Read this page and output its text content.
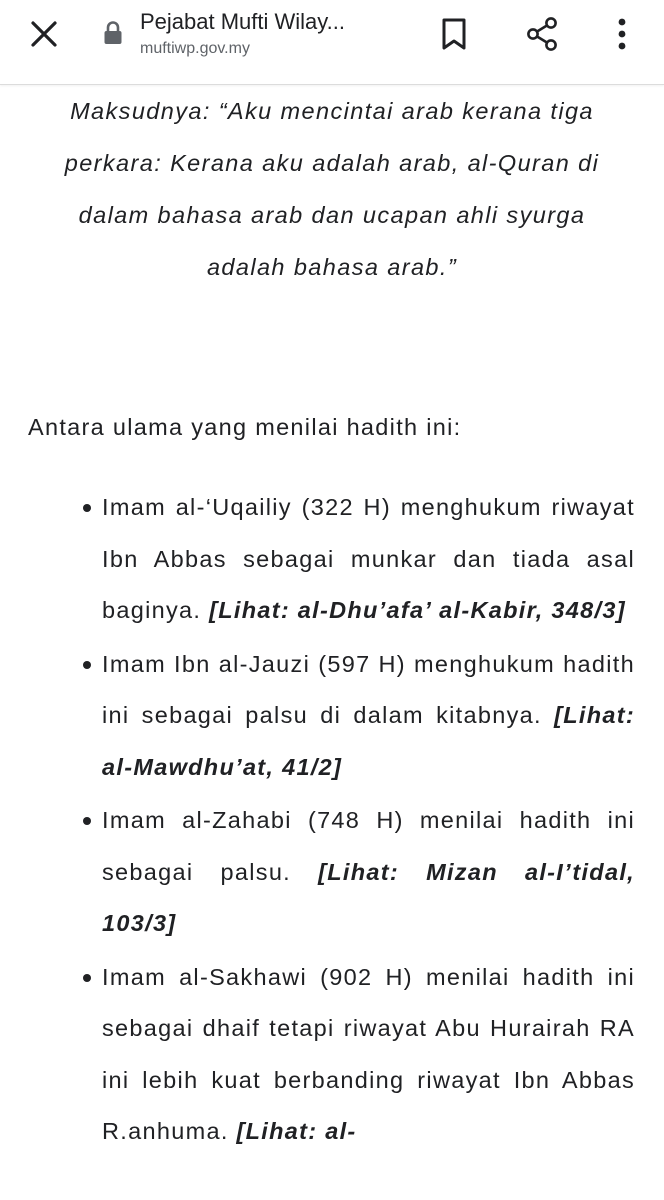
Pejabat Mufti Wilay...
muftiwp.gov.my
Maksudnya: “Aku mencintai arab kerana tiga perkara: Kerana aku adalah arab, al-Quran di dalam bahasa arab dan ucapan ahli syurga adalah bahasa arab.”
Antara ulama yang menilai hadith ini:
Imam al-‘Uqailiy (322 H) menghukum riwayat Ibn Abbas sebagai munkar dan tiada asal baginya. [Lihat: al-Dhu’afa’ al-Kabir, 348/3]
Imam Ibn al-Jauzi (597 H) menghukum hadith ini sebagai palsu di dalam kitabnya. [Lihat: al-Mawdhu’at, 41/2]
Imam al-Zahabi (748 H) menilai hadith ini sebagai palsu. [Lihat: Mizan al-I’tidal, 103/3]
Imam al-Sakhawi (902 H) menilai hadith ini sebagai dhaif tetapi riwayat Abu Hurairah RA ini lebih kuat berbanding riwayat Ibn Abbas R.anhuma. [Lihat: al-
